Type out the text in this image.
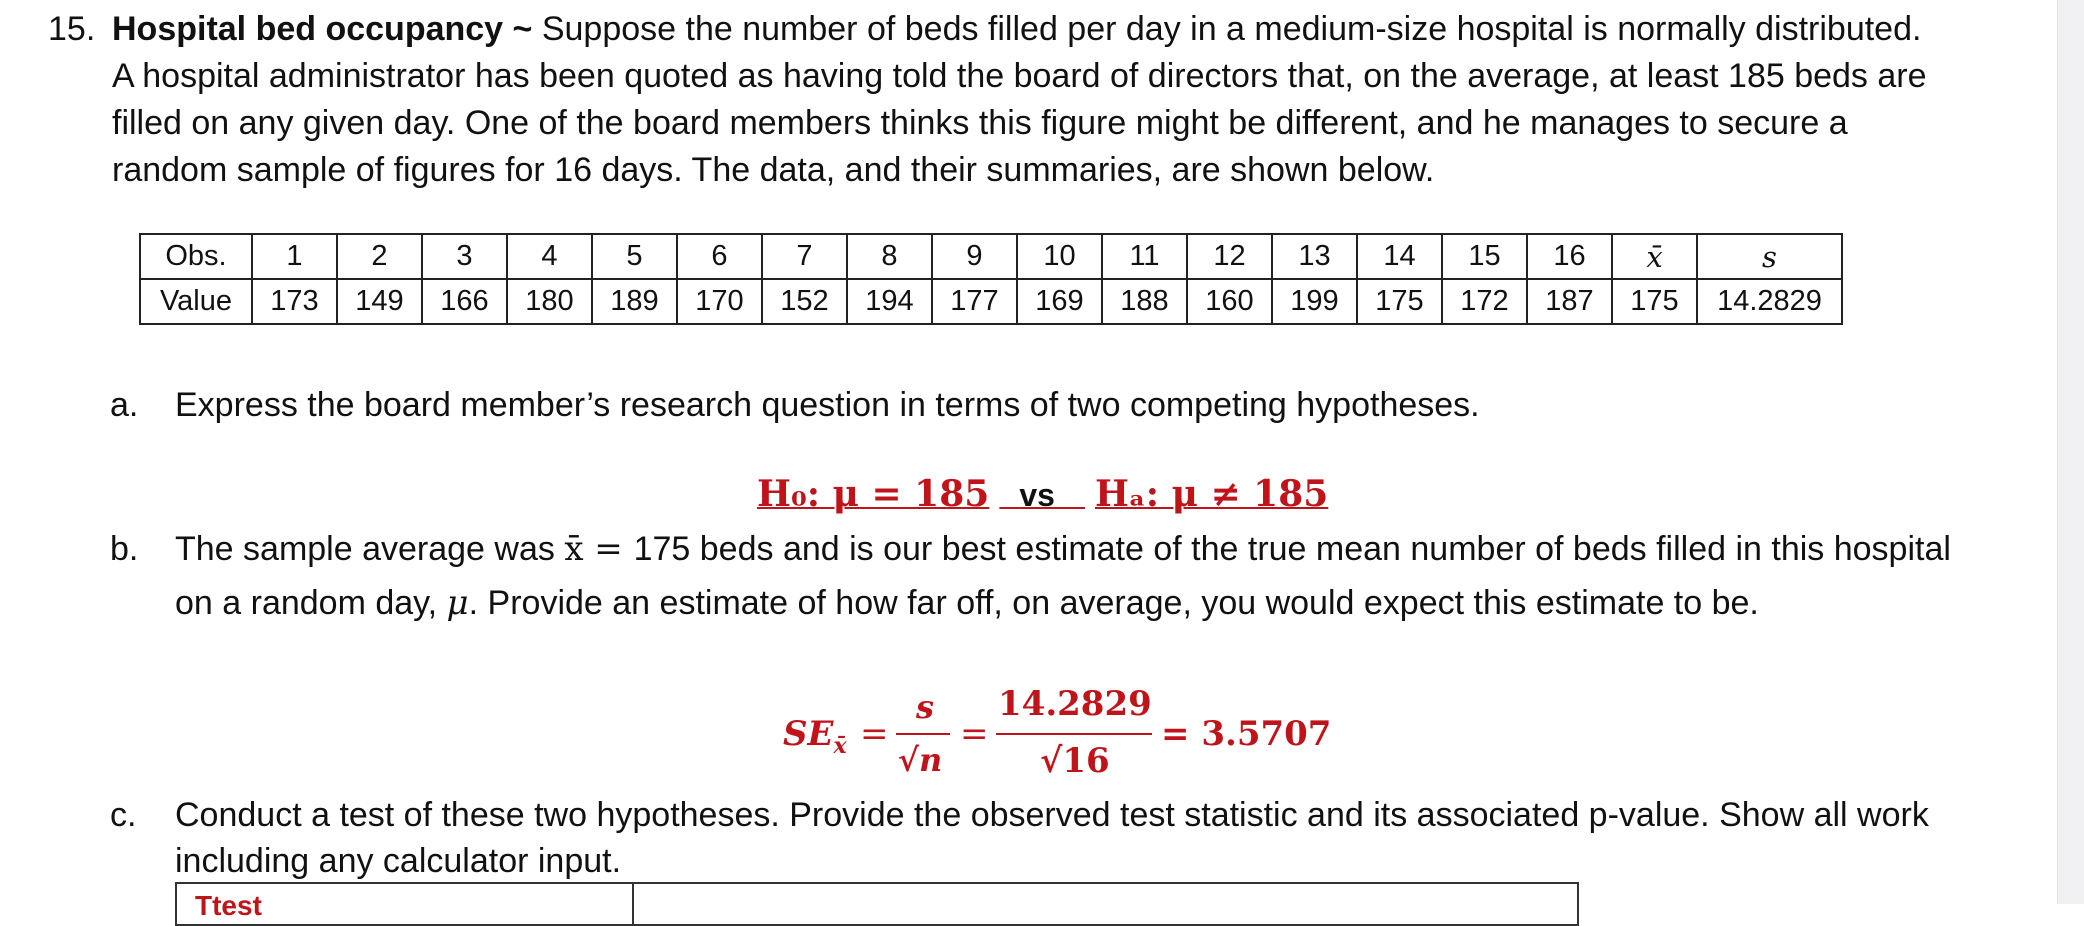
15. Hospital bed occupancy ~ Suppose the number of beds filled per day in a medium-size hospital is normally distributed. A hospital administrator has been quoted as having told the board of directors that, on the average, at least 185 beds are filled on any given day. One of the board members thinks this figure might be different, and he manages to secure a random sample of figures for 16 days. The data, and their summaries, are shown below.
Obs.	1	2	3	4	5	6	7	8	9	10	11	12	13	14	15	16	x̄	s
Value	173	149	166	180	189	170	152	194	177	169	188	160	199	175	172	187	175	14.2829
a. Express the board member’s research question in terms of two competing hypotheses.
H₀: μ = 185 vs Hₐ: μ ≠ 185
b. The sample average was x̄ = 175 beds and is our best estimate of the true mean number of beds filled in this hospital on a random day, μ. Provide an estimate of how far off, on average, you would expect this estimate to be.
$SE_{x̄}$ =
s
√n
=
14.2829
√16
= 3.5707
c. Conduct a test of these two hypotheses. Provide the observed test statistic and its associated p-value. Show all work including any calculator input.
Ttest
